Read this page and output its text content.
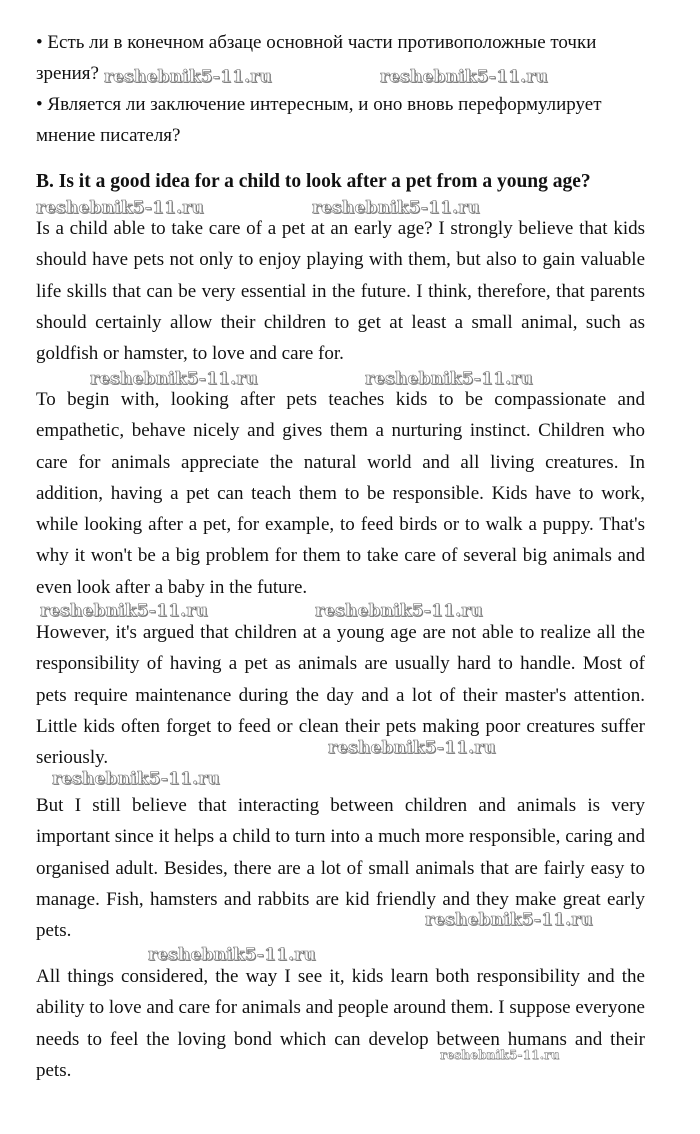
• Есть ли в конечном абзаце основной части противоположные точки зрения?

• Является ли заключение интересным, и оно вновь переформулирует мнение писателя?

B. Is it a good idea for a child to look after a pet from a young age?

Is a child able to take care of a pet at an early age? I strongly believe that kids should have pets not only to enjoy playing with them, but also to gain valuable life skills that can be very essential in the future. I think, therefore, that parents should certainly allow their children to get at least a small animal, such as goldfish or hamster, to love and care for.

To begin with, looking after pets teaches kids to be compassionate and empathetic, behave nicely and gives them a nurturing instinct. Children who care for animals appreciate the natural world and all living creatures. In addition, having a pet can teach them to be responsible. Kids have to work, while looking after a pet, for example, to feed birds or to walk a puppy. That's why it won't be a big problem for them to take care of several big animals and even look after a baby in the future.

However, it's argued that children at a young age are not able to realize all the responsibility of having a pet as animals are usually hard to handle. Most of pets require maintenance during the day and a lot of their master's attention. Little kids often forget to feed or clean their pets making poor creatures suffer seriously.

But I still believe that interacting between children and animals is very important since it helps a child to turn into a much more responsible, caring and organised adult. Besides, there are a lot of small animals that are fairly easy to manage. Fish, hamsters and rabbits are kid friendly and they make great early pets.

All things considered, the way I see it, kids learn both responsibility and the ability to love and care for animals and people around them. I suppose everyone needs to feel the loving bond which can develop between humans and their pets.

reshebnik5-11.ru	reshebnik5-11.ru
reshebnik5-11.ru	reshebnik5-11.ru
reshebnik5-11.ru	reshebnik5-11.ru
reshebnik5-11.ru	reshebnik5-11.ru
reshebnik5-11.ru
reshebnik5-11.ru
reshebnik5-11.ru
reshebnik5-11.ru
reshebnik5-11.ru
